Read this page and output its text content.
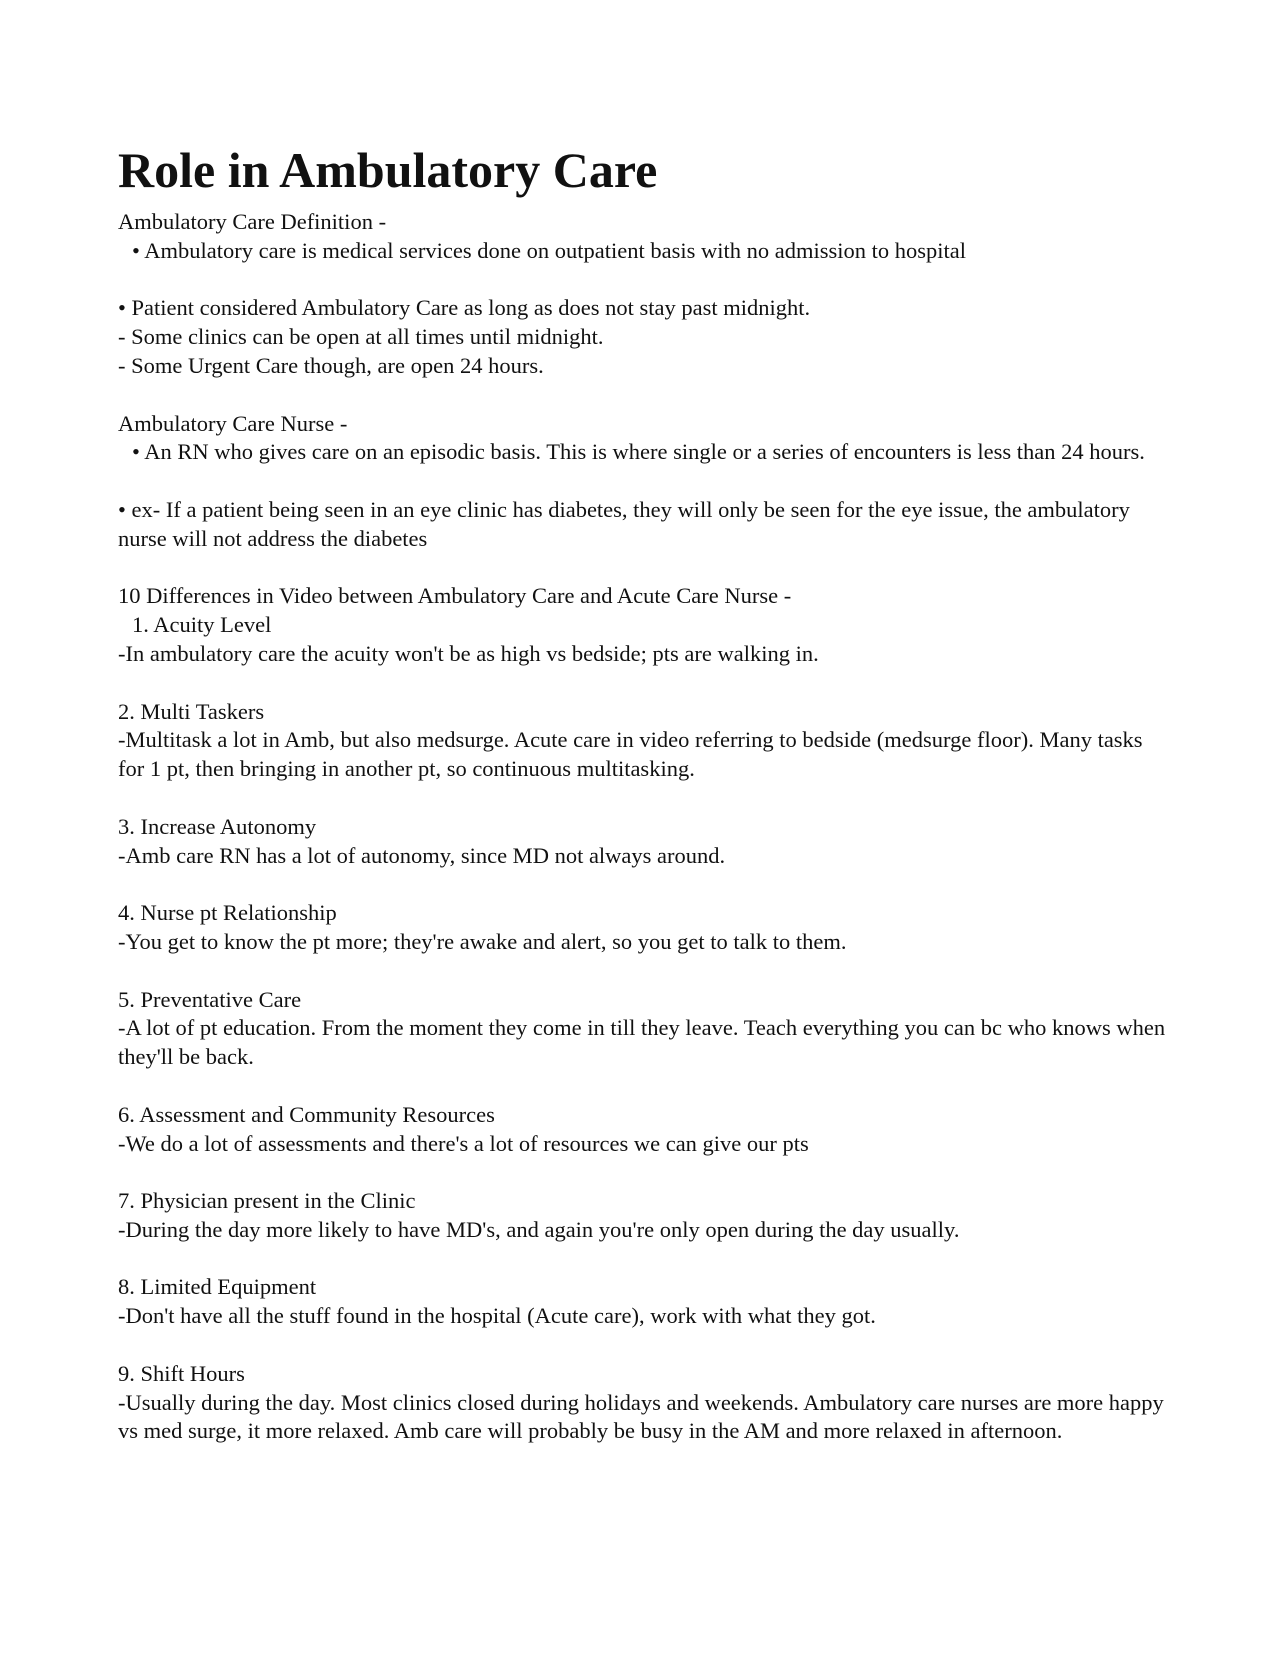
Role in Ambulatory Care

Ambulatory Care Definition -

• Ambulatory care is medical services done on outpatient basis with no admission to hospital

• Patient considered Ambulatory Care as long as does not stay past midnight.

- Some clinics can be open at all times until midnight.

- Some Urgent Care though, are open 24 hours.

Ambulatory Care Nurse -

• An RN who gives care on an episodic basis. This is where single or a series of encounters is less than 24 hours.

• ex- If a patient being seen in an eye clinic has diabetes, they will only be seen for the eye issue, the ambulatory nurse will not address the diabetes

10 Differences in Video between Ambulatory Care and Acute Care Nurse -

1. Acuity Level

-In ambulatory care the acuity won't be as high vs bedside; pts are walking in.

2. Multi Taskers

-Multitask a lot in Amb, but also medsurge. Acute care in video referring to bedside (medsurge floor). Many tasks for 1 pt, then bringing in another pt, so continuous multitasking.

3. Increase Autonomy

-Amb care RN has a lot of autonomy, since MD not always around.

4. Nurse pt Relationship

-You get to know the pt more; they're awake and alert, so you get to talk to them.

5. Preventative Care

-A lot of pt education. From the moment they come in till they leave. Teach everything you can bc who knows when they'll be back.

6. Assessment and Community Resources

-We do a lot of assessments and there's a lot of resources we can give our pts

7. Physician present in the Clinic

-During the day more likely to have MD's, and again you're only open during the day usually.

8. Limited Equipment

-Don't have all the stuff found in the hospital (Acute care), work with what they got.

9. Shift Hours

-Usually during the day. Most clinics closed during holidays and weekends. Ambulatory care nurses are more happy vs med surge, it more relaxed. Amb care will probably be busy in the AM and more relaxed in afternoon.
